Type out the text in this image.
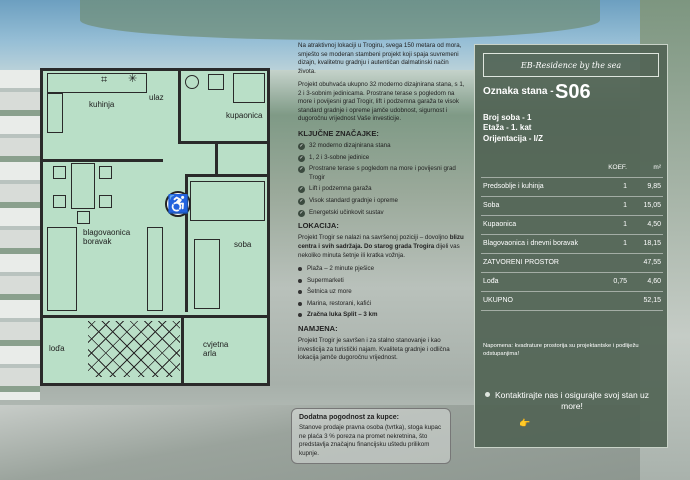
⌗ ✳
kuhinja
ulaz
kupaonica
♿
blagovaonica
boravak	soba
loďa	cvjetna
arla

Na atraktivnoj lokaciji u Trogiru, svega 150 metara od mora, smješto se moderan stambeni projekt koji spaja suvremeni dizajn, kvalitetnu gradnju i autentičan dalmatinski način života.

Projekt obuhvaća ukupno 32 moderno dizajnirana stana, s 1, 2 i 3-sobnim jedinicama. Prostrane terase s pogledom na more i povijesni grad Trogir, lift i podzemna garaža te visok standard gradnje i opreme jamče udobnost, sigurnost i dugoročnu vrijednost Vaše investicije.

KLJUČNE ZNAČAJKE:
✓ 32 moderno dizajnirana stana
✓ 1, 2 i 3-sobne jedinice
✓ Prostrane terase s pogledom na more i povijesni grad Trogir
✓ Lift i podzemna garaža
✓ Visok standard gradnje i opreme
✓ Energetski učinkovit sustav
LOKACIJA:

Projekt Trogir se nalazi na savršenoj poziciji – dovoljno blizu centra i svih sadržaja. Do starog grada Trogira dijeli vas nekoliko minuta šetnje ili kratka vožnja.

Plaža – 2 minute pješice
Supermarketi
Šetnica uz more
Marina, restorani, kafići
Zračna luka Split – 3 km
NAMJENA:

Projekt Trogir je savršen i za stalno stanovanje i kao investicija za turistički najam. Kvaliteta gradnje i odlična lokacija jamče dugoročnu vrijednost.

Dodatna pogodnost za kupce:
Stanove prodaje pravna osoba (tvrtka), stoga kupac ne plaća 3 % poreza na promet nekretnina, što predstavlja značajnu financijsku uštedu prilikom kupnje.
EB-Residence by the sea
Oznaka stana - S06
Broj soba - 1
Etaža - 1. kat
Orijentacija - I/Z
	KOEF.	m²
Predsoblje i kuhinja	1	9,85
Soba	1	15,05
Kupaonica	1	4,50
Blagovaonica i dnevni boravak	1	18,15
ZATVORENI PROSTOR		47,55
Lođa	0,75	4,60
UKUPNO		52,15
Napomena: kvadrature prostorija su projektantske i podliježu odstupanjima!
Kontaktirajte nas i osigurajte svoj stan uz more!
👉
